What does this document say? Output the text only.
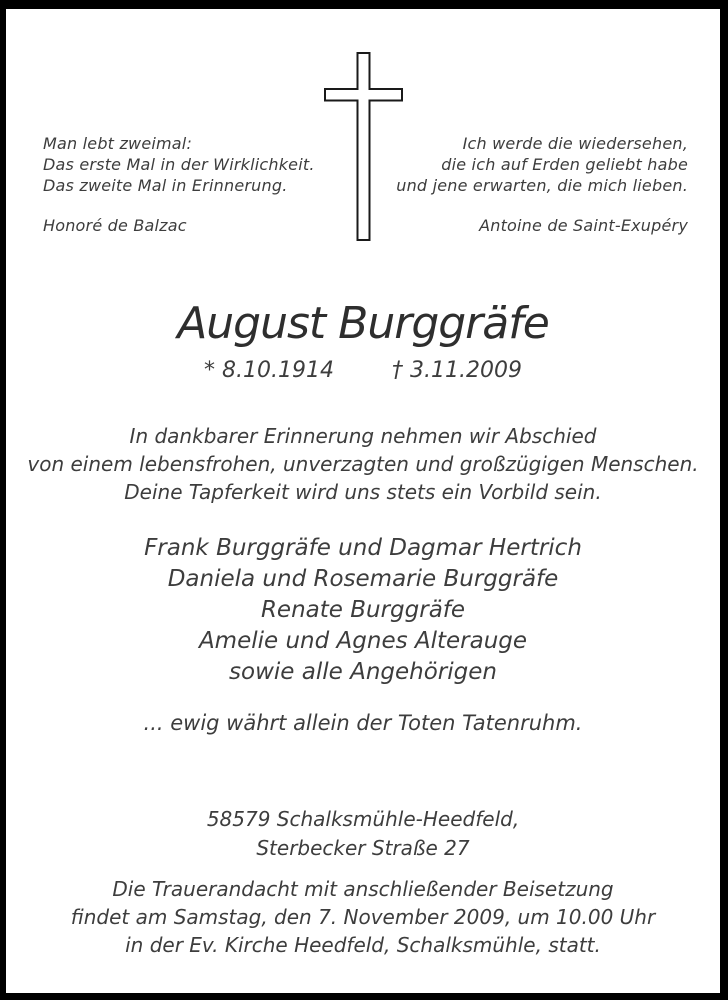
Man lebt zweimal:
Das erste Mal in der Wirklichkeit.
Das zweite Mal in Erinnerung.
Honoré de Balzac
Ich werde die wiedersehen,
die ich auf Erden geliebt habe
und jene erwarten, die mich lieben.
Antoine de Saint-Exupéry
August Burggräfe
* 8.10.1914	† 3.11.2009
In dankbarer Erinnerung nehmen wir Abschied
von einem lebensfrohen, unverzagten und großzügigen Menschen.
Deine Tapferkeit wird uns stets ein Vorbild sein.
Frank Burggräfe und Dagmar Hertrich
Daniela und Rosemarie Burggräfe
Renate Burggräfe
Amelie und Agnes Alterauge
sowie alle Angehörigen
... ewig währt allein der Toten Tatenruhm.
58579 Schalksmühle-Heedfeld,
Sterbecker Straße 27
Die Trauerandacht mit anschließender Beisetzung
findet am Samstag, den 7. November 2009, um 10.00 Uhr
in der Ev. Kirche Heedfeld, Schalksmühle, statt.
